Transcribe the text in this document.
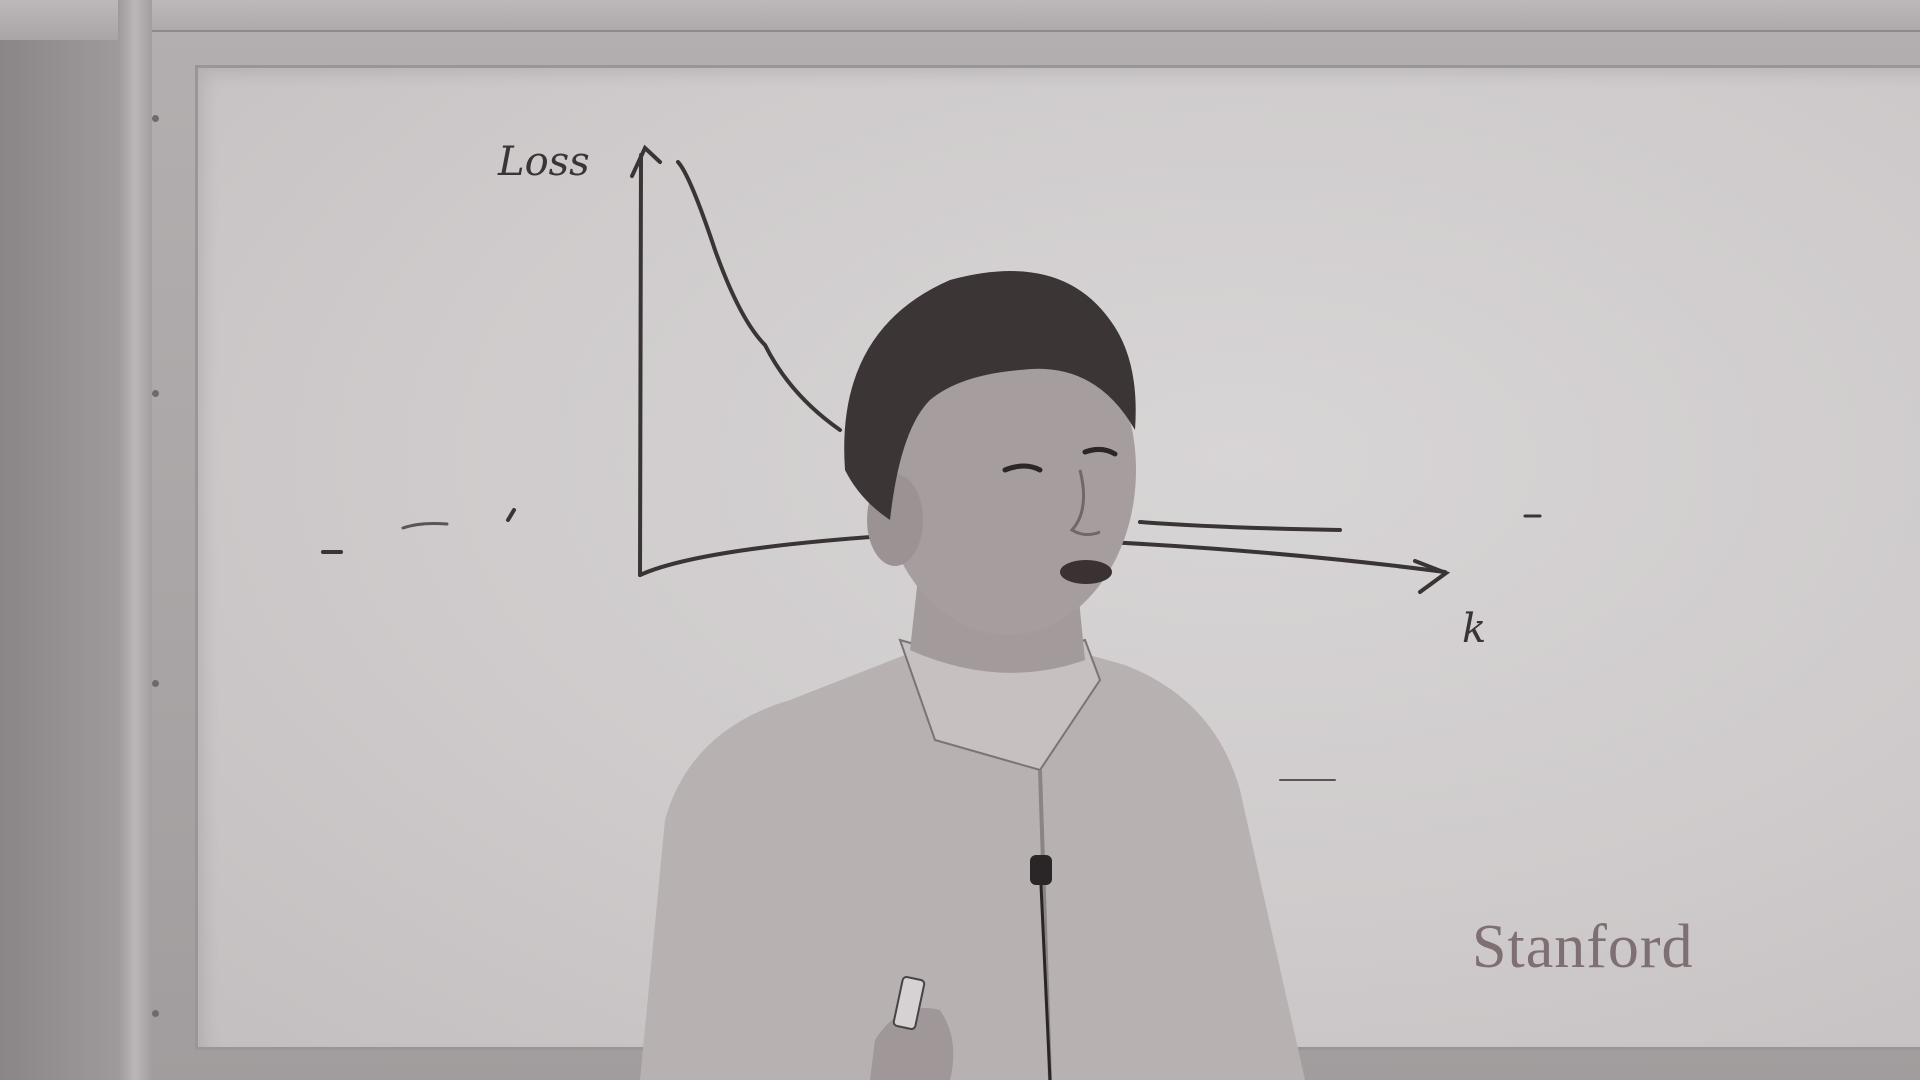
Loss
k
Stanford
